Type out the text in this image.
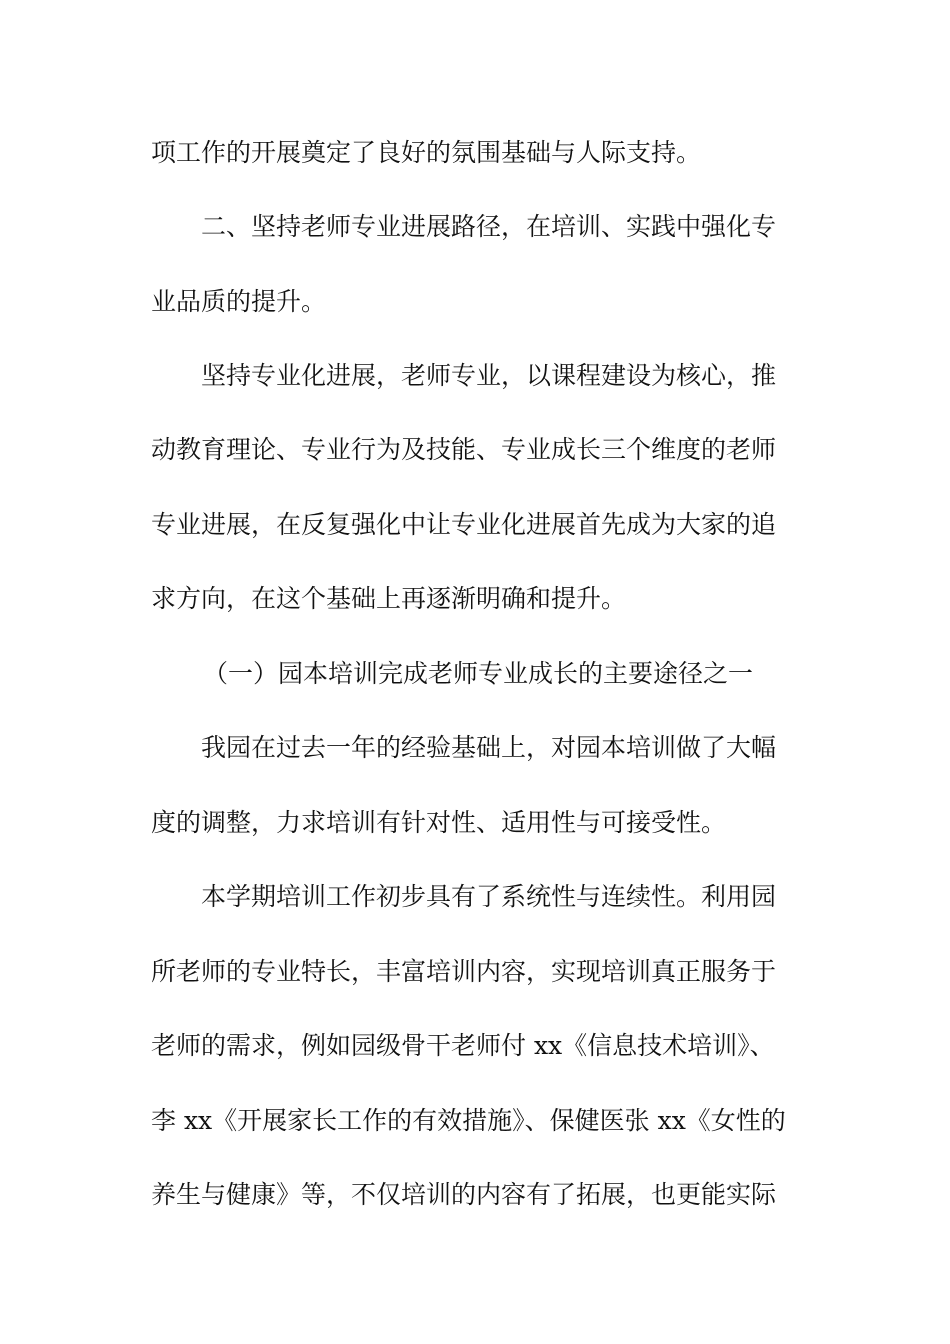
项工作的开展奠定了良好的氛围基础与人际支持。

二、坚持老师专业进展路径，在培训、实践中强化专

业品质的提升。

坚持专业化进展，老师专业，以课程建设为核心，推

动教育理论、专业行为及技能、专业成长三个维度的老师

专业进展，在反复强化中让专业化进展首先成为大家的追

求方向，在这个基础上再逐渐明确和提升。

（一）园本培训完成老师专业成长的主要途径之一

我园在过去一年的经验基础上，对园本培训做了大幅

度的调整，力求培训有针对性、适用性与可接受性。

本学期培训工作初步具有了系统性与连续性。利用园

所老师的专业特长，丰富培训内容，实现培训真正服务于

老师的需求，例如园级骨干老师付 xx《信息技术培训》、

李 xx《开展家长工作的有效措施》、保健医张 xx《女性的

养生与健康》等，不仅培训的内容有了拓展，也更能实际
